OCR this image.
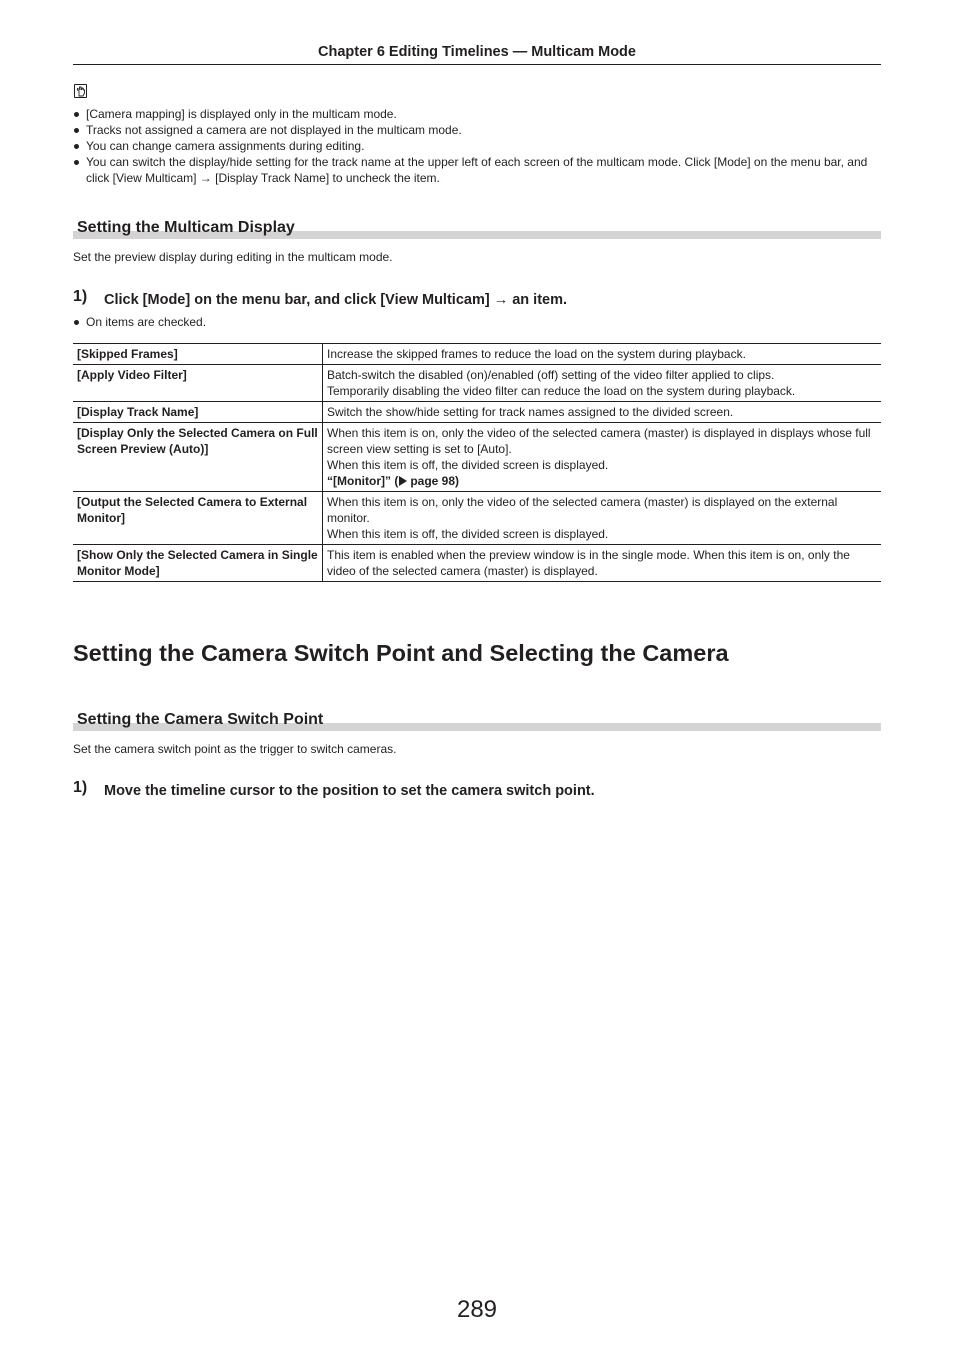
Chapter 6 Editing Timelines — Multicam Mode
[Camera mapping] is displayed only in the multicam mode.
Tracks not assigned a camera are not displayed in the multicam mode.
You can change camera assignments during editing.
You can switch the display/hide setting for the track name at the upper left of each screen of the multicam mode. Click [Mode] on the menu bar, and click [View Multicam] → [Display Track Name] to uncheck the item.
Setting the Multicam Display
Set the preview display during editing in the multicam mode.
1) Click [Mode] on the menu bar, and click [View Multicam] → an item.
On items are checked.
[Skipped Frames]	Increase the skipped frames to reduce the load on the system during playback.

[Apply Video Filter]	Batch-switch the disabled (on)/enabled (off) setting of the video filter applied to clips.
Temporarily disabling the video filter can reduce the load on the system during playback.

[Display Track Name]	Switch the show/hide setting for track names assigned to the divided screen.

[Display Only the Selected Camera on Full Screen Preview (Auto)]	When this item is on, only the video of the selected camera (master) is displayed in displays whose full screen view setting is set to [Auto].
When this item is off, the divided screen is displayed.
“[Monitor]” ( page 98)

[Output the Selected Camera to External Monitor]	When this item is on, only the video of the selected camera (master) is displayed on the external monitor.
When this item is off, the divided screen is displayed.

[Show Only the Selected Camera in Single Monitor Mode]	This item is enabled when the preview window is in the single mode. When this item is on, only the video of the selected camera (master) is displayed.
Setting the Camera Switch Point and Selecting the Camera
Setting the Camera Switch Point
Set the camera switch point as the trigger to switch cameras.
1) Move the timeline cursor to the position to set the camera switch point.
289
